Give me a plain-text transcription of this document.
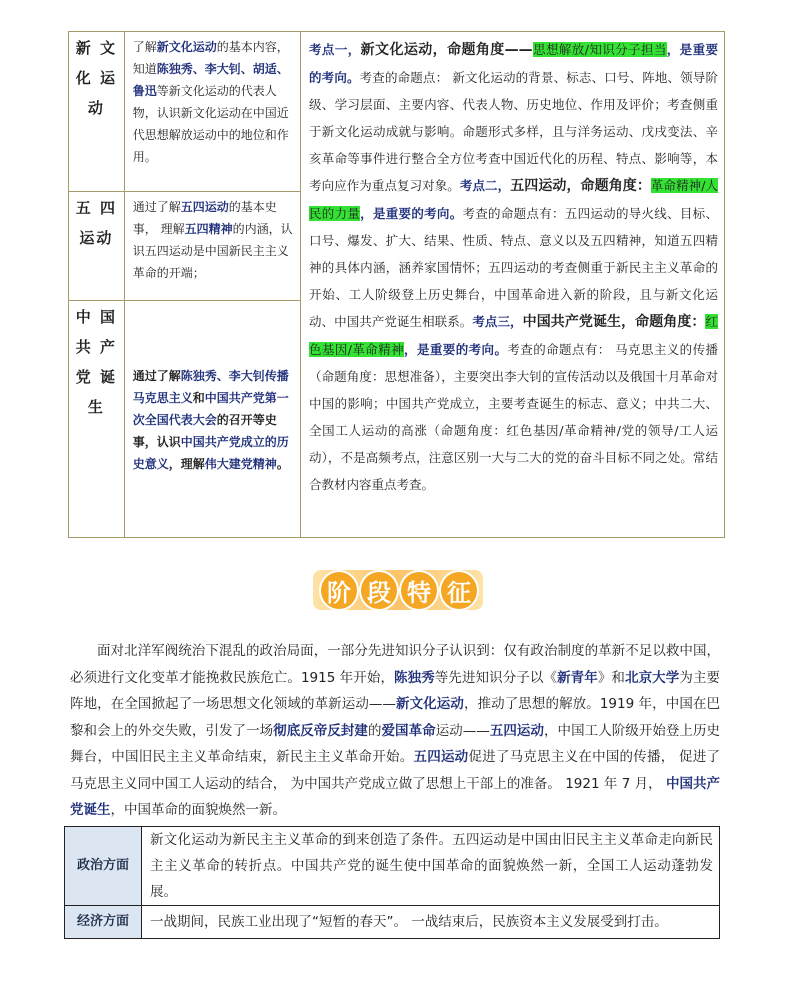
新 文 化 运 动	了解新文化运动的基本内容，知道陈独秀、李大钊、胡适、鲁迅等新文化运动的代表人物，认识新文化运动在中国近代思想解放运动中的地位和作用。	考点一，新文化运动，命题角度——思想解放/知识分子担当，是重要的考向。考查的命题点： 新文化运动的背景、标志、口号、阵地、领导阶级、学习层面、主要内容、代表人物、历史地位、作用及评价；考查侧重于新文化运动成就与影响。命题形式多样，且与洋务运动、戊戌变法、辛亥革命等事件进行整合全方位考查中国近代化的历程、特点、影响等，本考向应作为重点复习对象。考点二，五四运动，命题角度：革命精神/人民的力量，是重要的考向。考查的命题点有：五四运动的导火线、目标、口号、爆发、扩大、结果、性质、特点、意义以及五四精神，知道五四精神的具体内涵，涵养家国情怀；五四运动的考查侧重于新民主主义革命的开始、工人阶级登上历史舞台，中国革命进入新的阶段，且与新文化运动、中国共产党诞生相联系。考点三，中国共产党诞生，命题角度：红色基因/革命精神，是重要的考向。考查的命题点有： 马克思主义的传播（命题角度：思想准备），主要突出李大钊的宣传活动以及俄国十月革命对中国的影响；中国共产党成立，主要考查诞生的标志、意义；中共二大、全国工人运动的高涨（命题角度：红色基因/革命精神/党的领导/工人运动），不是高频考点，注意区别一大与二大的党的奋斗目标不同之处。常结合教材内容重点考查。
五 四 运动	通过了解五四运动的基本史事， 理解五四精神的内涵，认识五四运动是中国新民主主义革命的开端；	
中 国 共 产 党 诞 生	通过了解陈独秀、李大钊传播马克思主义和中国共产党第一次全国代表大会的召开等史事，认识中国共产党成立的历史意义，理解伟大建党精神。	
阶 段 特 征
面对北洋军阀统治下混乱的政治局面，一部分先进知识分子认识到：仅有政治制度的革新不足以救中国，必须进行文化变革才能挽救民族危亡。1915 年开始，陈独秀等先进知识分子以《新青年》和北京大学为主要阵地，在全国掀起了一场思想文化领域的革新运动——新文化运动，推动了思想的解放。1919 年，中国在巴黎和会上的外交失败，引发了一场彻底反帝反封建的爱国革命运动——五四运动，中国工人阶级开始登上历史舞台，中国旧民主主义革命结束，新民主主义革命开始。五四运动促进了马克思主义在中国的传播， 促进了马克思主义同中国工人运动的结合， 为中国共产党成立做了思想上干部上的准备。 1921 年 7 月， 中国共产党诞生，中国革命的面貌焕然一新。
政治方面	新文化运动为新民主主义革命的到来创造了条件。五四运动是中国由旧民主主义革命走向新民主主义革命的转折点。中国共产党的诞生使中国革命的面貌焕然一新，全国工人运动蓬勃发展。
经济方面	一战期间，民族工业出现了“短暂的春天”。 一战结束后，民族资本主义发展受到打击。
